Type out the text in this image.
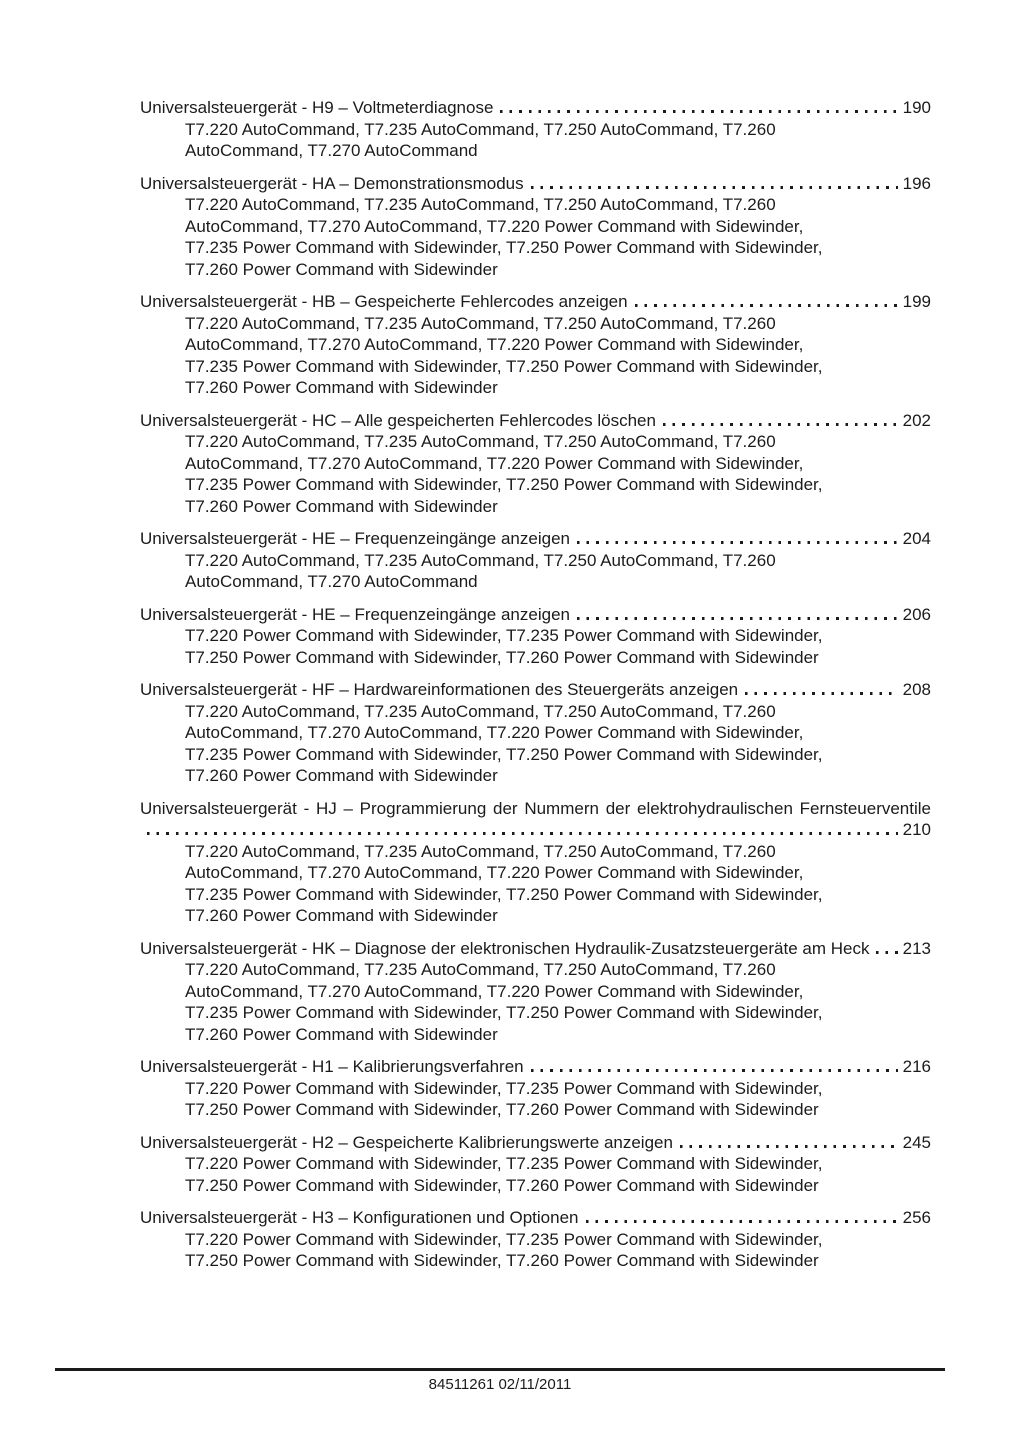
Universalsteuergerät - H9 – Voltmeterdiagnose	190
T7.220 AutoCommand, T7.235 AutoCommand, T7.250 AutoCommand, T7.260
AutoCommand, T7.270 AutoCommand
Universalsteuergerät - HA – Demonstrationsmodus	196
T7.220 AutoCommand, T7.235 AutoCommand, T7.250 AutoCommand, T7.260
AutoCommand, T7.270 AutoCommand, T7.220 Power Command with Sidewinder,
T7.235 Power Command with Sidewinder, T7.250 Power Command with Sidewinder,
T7.260 Power Command with Sidewinder
Universalsteuergerät - HB – Gespeicherte Fehlercodes anzeigen	199
T7.220 AutoCommand, T7.235 AutoCommand, T7.250 AutoCommand, T7.260
AutoCommand, T7.270 AutoCommand, T7.220 Power Command with Sidewinder,
T7.235 Power Command with Sidewinder, T7.250 Power Command with Sidewinder,
T7.260 Power Command with Sidewinder
Universalsteuergerät - HC – Alle gespeicherten Fehlercodes löschen	202
T7.220 AutoCommand, T7.235 AutoCommand, T7.250 AutoCommand, T7.260
AutoCommand, T7.270 AutoCommand, T7.220 Power Command with Sidewinder,
T7.235 Power Command with Sidewinder, T7.250 Power Command with Sidewinder,
T7.260 Power Command with Sidewinder
Universalsteuergerät - HE – Frequenzeingänge anzeigen	204
T7.220 AutoCommand, T7.235 AutoCommand, T7.250 AutoCommand, T7.260
AutoCommand, T7.270 AutoCommand
Universalsteuergerät - HE – Frequenzeingänge anzeigen	206
T7.220 Power Command with Sidewinder, T7.235 Power Command with Sidewinder,
T7.250 Power Command with Sidewinder, T7.260 Power Command with Sidewinder
Universalsteuergerät - HF – Hardwareinformationen des Steuergeräts anzeigen	208
T7.220 AutoCommand, T7.235 AutoCommand, T7.250 AutoCommand, T7.260
AutoCommand, T7.270 AutoCommand, T7.220 Power Command with Sidewinder,
T7.235 Power Command with Sidewinder, T7.250 Power Command with Sidewinder,
T7.260 Power Command with Sidewinder
Universalsteuergerät - HJ – Programmierung der Nummern der elektrohydraulischen Fernsteuerventile
210
T7.220 AutoCommand, T7.235 AutoCommand, T7.250 AutoCommand, T7.260
AutoCommand, T7.270 AutoCommand, T7.220 Power Command with Sidewinder,
T7.235 Power Command with Sidewinder, T7.250 Power Command with Sidewinder,
T7.260 Power Command with Sidewinder
Universalsteuergerät - HK – Diagnose der elektronischen Hydraulik-Zusatzsteuergeräte am Heck 213
T7.220 AutoCommand, T7.235 AutoCommand, T7.250 AutoCommand, T7.260
AutoCommand, T7.270 AutoCommand, T7.220 Power Command with Sidewinder,
T7.235 Power Command with Sidewinder, T7.250 Power Command with Sidewinder,
T7.260 Power Command with Sidewinder
Universalsteuergerät - H1 – Kalibrierungsverfahren	216
T7.220 Power Command with Sidewinder, T7.235 Power Command with Sidewinder,
T7.250 Power Command with Sidewinder, T7.260 Power Command with Sidewinder
Universalsteuergerät - H2 – Gespeicherte Kalibrierungswerte anzeigen	245
T7.220 Power Command with Sidewinder, T7.235 Power Command with Sidewinder,
T7.250 Power Command with Sidewinder, T7.260 Power Command with Sidewinder
Universalsteuergerät - H3 – Konfigurationen und Optionen	256
T7.220 Power Command with Sidewinder, T7.235 Power Command with Sidewinder,
T7.250 Power Command with Sidewinder, T7.260 Power Command with Sidewinder
84511261 02/11/2011
